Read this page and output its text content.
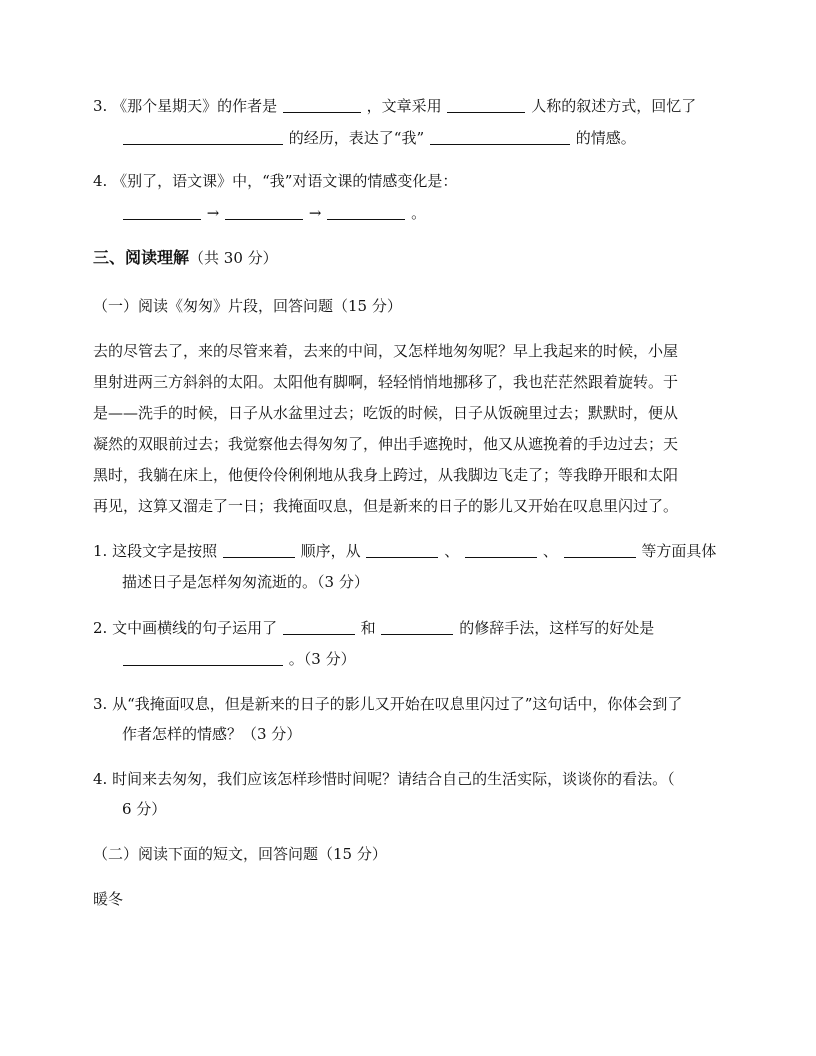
3. 《那个星期天》的作者是	，文章采用	人称的叙述方式，回忆了
的经历，表达了“我”	的情感。
4. 《别了，语文课》中，“我”对语文课的情感变化是：
→	→	。
三、阅读理解（共 30 分）
（一）阅读《匆匆》片段，回答问题（15 分）
去的尽管去了，来的尽管来着，去来的中间，又怎样地匆匆呢？早上我起来的时候，小屋
里射进两三方斜斜的太阳。太阳他有脚啊，轻轻悄悄地挪移了，我也茫茫然跟着旋转。于
是——洗手的时候，日子从水盆里过去；吃饭的时候，日子从饭碗里过去；默默时，便从
凝然的双眼前过去；我觉察他去得匆匆了，伸出手遮挽时，他又从遮挽着的手边过去；天
黑时，我躺在床上，他便伶伶俐俐地从我身上跨过，从我脚边飞走了；等我睁开眼和太阳
再见，这算又溜走了一日；我掩面叹息，但是新来的日子的影儿又开始在叹息里闪过了。
1. 这段文字是按照	顺序，从	、	、	等方面具体
描述日子是怎样匆匆流逝的。（3 分）
2. 文中画横线的句子运用了	和	的修辞手法，这样写的好处是
。（3 分）
3. 从“我掩面叹息，但是新来的日子的影儿又开始在叹息里闪过了”这句话中，你体会到了
作者怎样的情感？（3 分）
4. 时间来去匆匆，我们应该怎样珍惜时间呢？请结合自己的生活实际，谈谈你的看法。（
6 分）
（二）阅读下面的短文，回答问题（15 分）
暖冬
